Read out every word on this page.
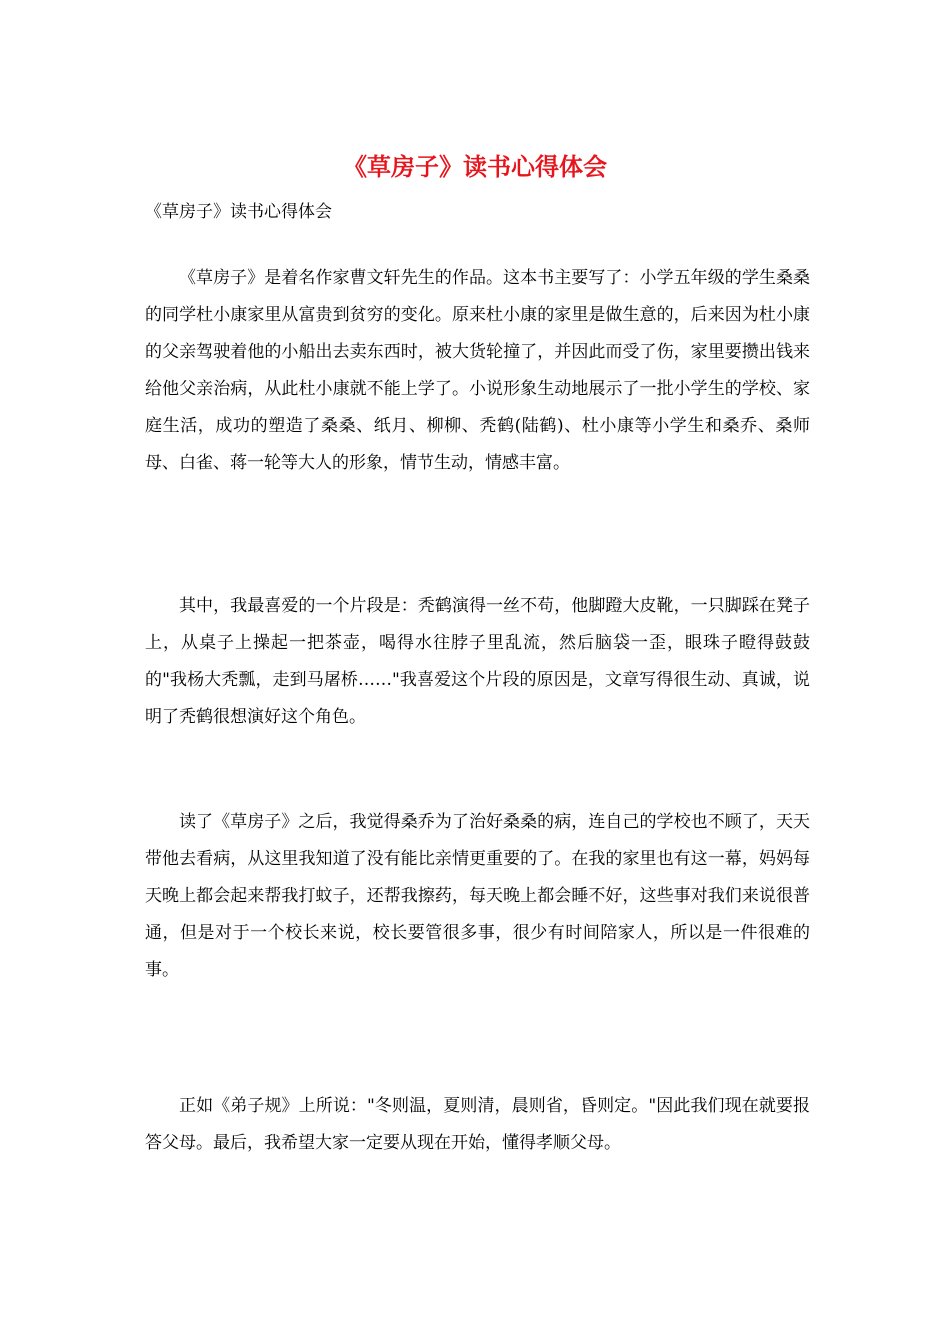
《草房子》读书心得体会
《草房子》读书心得体会

《草房子》是着名作家曹文轩先生的作品。这本书主要写了：小学五年级的学生桑桑的同学杜小康家里从富贵到贫穷的变化。原来杜小康的家里是做生意的，后来因为杜小康的父亲驾驶着他的小船出去卖东西时，被大货轮撞了，并因此而受了伤，家里要攒出钱来给他父亲治病，从此杜小康就不能上学了。小说形象生动地展示了一批小学生的学校、家庭生活，成功的塑造了桑桑、纸月、柳柳、秃鹤(陆鹤)、杜小康等小学生和桑乔、桑师母、白雀、蒋一轮等大人的形象，情节生动，情感丰富。

其中，我最喜爱的一个片段是：秃鹤演得一丝不苟，他脚蹬大皮靴，一只脚踩在凳子上，从桌子上操起一把茶壶，喝得水往脖子里乱流，然后脑袋一歪，眼珠子瞪得鼓鼓的"我杨大秃瓢，走到马屠桥……"我喜爱这个片段的原因是，文章写得很生动、真诚，说明了秃鹤很想演好这个角色。

读了《草房子》之后，我觉得桑乔为了治好桑桑的病，连自己的学校也不顾了，天天带他去看病，从这里我知道了没有能比亲情更重要的了。在我的家里也有这一幕，妈妈每天晚上都会起来帮我打蚊子，还帮我擦药，每天晚上都会睡不好，这些事对我们来说很普通，但是对于一个校长来说，校长要管很多事，很少有时间陪家人，所以是一件很难的事。

正如《弟子规》上所说："冬则温，夏则清，晨则省，昏则定。"因此我们现在就要报答父母。最后，我希望大家一定要从现在开始，懂得孝顺父母。
